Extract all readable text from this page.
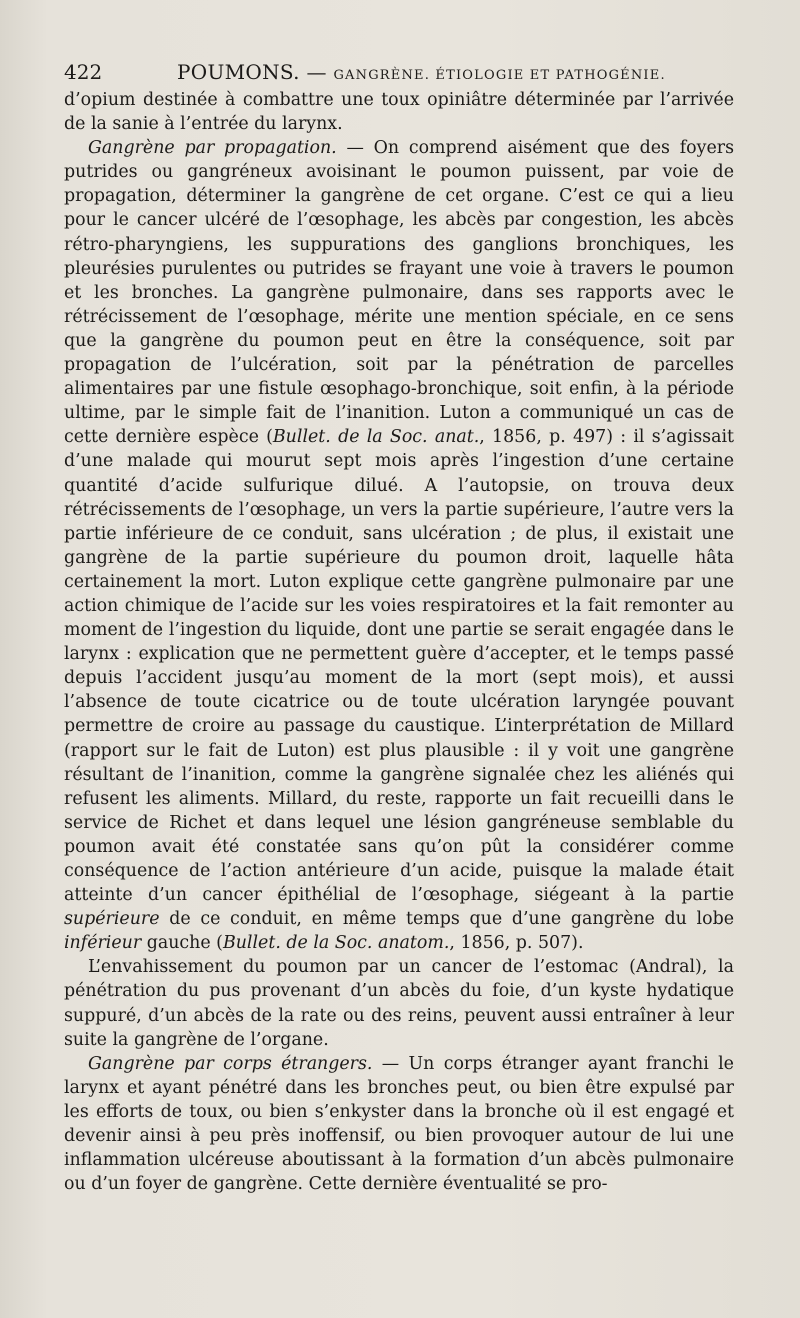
422	POUMONS. — GANGRÈNE. ÉTIOLOGIE ET PATHOGÉNIE.

d’opium destinée à combattre une toux opiniâtre déterminée par l’arrivée de la sanie à l’entrée du larynx.

Gangrène par propagation. — On comprend aisément que des foyers putrides ou gangréneux avoisinant le poumon puissent, par voie de propagation, déterminer la gangrène de cet organe. C’est ce qui a lieu pour le cancer ulcéré de l’œsophage, les abcès par congestion, les abcès rétro-pharyngiens, les suppurations des ganglions bronchiques, les pleurésies purulentes ou putrides se frayant une voie à travers le poumon et les bronches. La gangrène pulmonaire, dans ses rapports avec le rétrécissement de l’œsophage, mérite une mention spéciale, en ce sens que la gangrène du poumon peut en être la conséquence, soit par propagation de l’ulcération, soit par la pénétration de parcelles alimentaires par une fistule œsophago-bronchique, soit enfin, à la période ultime, par le simple fait de l’inanition. Luton a communiqué un cas de cette dernière espèce (Bullet. de la Soc. anat., 1856, p. 497) : il s’agissait d’une malade qui mourut sept mois après l’ingestion d’une certaine quantité d’acide sulfurique dilué. A l’autopsie, on trouva deux rétrécissements de l’œsophage, un vers la partie supérieure, l’autre vers la partie inférieure de ce conduit, sans ulcération ; de plus, il existait une gangrène de la partie supérieure du poumon droit, laquelle hâta certainement la mort. Luton explique cette gangrène pulmonaire par une action chimique de l’acide sur les voies respiratoires et la fait remonter au moment de l’ingestion du liquide, dont une partie se serait engagée dans le larynx : explication que ne permettent guère d’accepter, et le temps passé depuis l’accident jusqu’au moment de la mort (sept mois), et aussi l’absence de toute cicatrice ou de toute ulcération laryngée pouvant permettre de croire au passage du caustique. L’interprétation de Millard (rapport sur le fait de Luton) est plus plausible : il y voit une gangrène résultant de l’inanition, comme la gangrène signalée chez les aliénés qui refusent les aliments. Millard, du reste, rapporte un fait recueilli dans le service de Richet et dans lequel une lésion gangréneuse semblable du poumon avait été constatée sans qu’on pût la considérer comme conséquence de l’action antérieure d’un acide, puisque la malade était atteinte d’un cancer épithélial de l’œsophage, siégeant à la partie supérieure de ce conduit, en même temps que d’une gangrène du lobe inférieur gauche (Bullet. de la Soc. anatom., 1856, p. 507).

L’envahissement du poumon par un cancer de l’estomac (Andral), la pénétration du pus provenant d’un abcès du foie, d’un kyste hydatique suppuré, d’un abcès de la rate ou des reins, peuvent aussi entraîner à leur suite la gangrène de l’organe.

Gangrène par corps étrangers. — Un corps étranger ayant franchi le larynx et ayant pénétré dans les bronches peut, ou bien être expulsé par les efforts de toux, ou bien s’enkyster dans la bronche où il est engagé et devenir ainsi à peu près inoffensif, ou bien provoquer autour de lui une inflammation ulcéreuse aboutissant à la formation d’un abcès pulmonaire ou d’un foyer de gangrène. Cette dernière éventualité se pro-
